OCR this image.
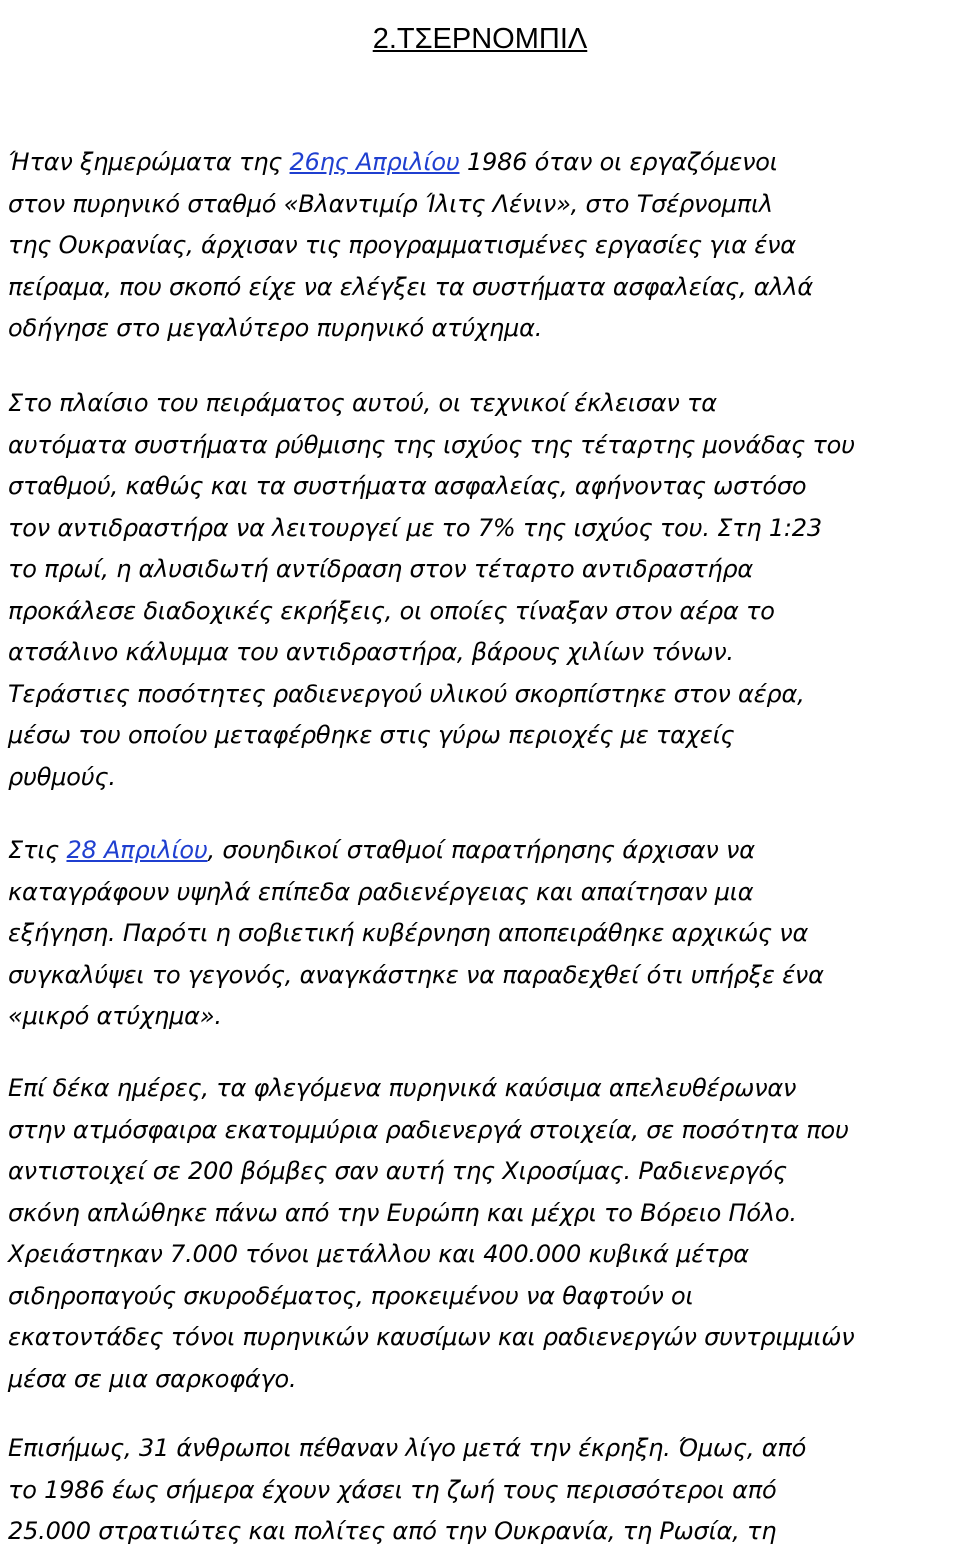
2.ΤΣΕΡΝΟΜΠΙΛ

Ήταν ξημερώματα της 26ης Απριλίου 1986 όταν οι εργαζόμενοι
στον πυρηνικό σταθμό «Βλαντιμίρ Ίλιτς Λένιν», στο Τσέρνομπιλ
της Ουκρανίας, άρχισαν τις προγραμματισμένες εργασίες για ένα
πείραμα, που σκοπό είχε να ελέγξει τα συστήματα ασφαλείας, αλλά
οδήγησε στο μεγαλύτερο πυρηνικό ατύχημα.

Στο πλαίσιο του πειράματος αυτού, οι τεχνικοί έκλεισαν τα
αυτόματα συστήματα ρύθμισης της ισχύος της τέταρτης μονάδας του
σταθμού, καθώς και τα συστήματα ασφαλείας, αφήνοντας ωστόσο
τον αντιδραστήρα να λειτουργεί με το 7% της ισχύος του. Στη 1:23
το πρωί, η αλυσιδωτή αντίδραση στον τέταρτο αντιδραστήρα
προκάλεσε διαδοχικές εκρήξεις, οι οποίες τίναξαν στον αέρα το
ατσάλινο κάλυμμα του αντιδραστήρα, βάρους χιλίων τόνων.
Τεράστιες ποσότητες ραδιενεργού υλικού σκορπίστηκε στον αέρα,
μέσω του οποίου μεταφέρθηκε στις γύρω περιοχές με ταχείς
ρυθμούς.

Στις 28 Απριλίου, σουηδικοί σταθμοί παρατήρησης άρχισαν να
καταγράφουν υψηλά επίπεδα ραδιενέργειας και απαίτησαν μια
εξήγηση. Παρότι η σοβιετική κυβέρνηση αποπειράθηκε αρχικώς να
συγκαλύψει το γεγονός, αναγκάστηκε να παραδεχθεί ότι υπήρξε ένα
«μικρό ατύχημα».

Επί δέκα ημέρες, τα φλεγόμενα πυρηνικά καύσιμα απελευθέρωναν
στην ατμόσφαιρα εκατομμύρια ραδιενεργά στοιχεία, σε ποσότητα που
αντιστοιχεί σε 200 βόμβες σαν αυτή της Χιροσίμας. Ραδιενεργός
σκόνη απλώθηκε πάνω από την Ευρώπη και μέχρι το Βόρειο Πόλο.
Χρειάστηκαν 7.000 τόνοι μετάλλου και 400.000 κυβικά μέτρα
σιδηροπαγούς σκυροδέματος, προκειμένου να θαφτούν οι
εκατοντάδες τόνοι πυρηνικών καυσίμων και ραδιενεργών συντριμμιών
μέσα σε μια σαρκοφάγο.

Επισήμως, 31 άνθρωποι πέθαναν λίγο μετά την έκρηξη. Όμως, από
το 1986 έως σήμερα έχουν χάσει τη ζωή τους περισσότεροι από
25.000 στρατιώτες και πολίτες από την Ουκρανία, τη Ρωσία, τη
